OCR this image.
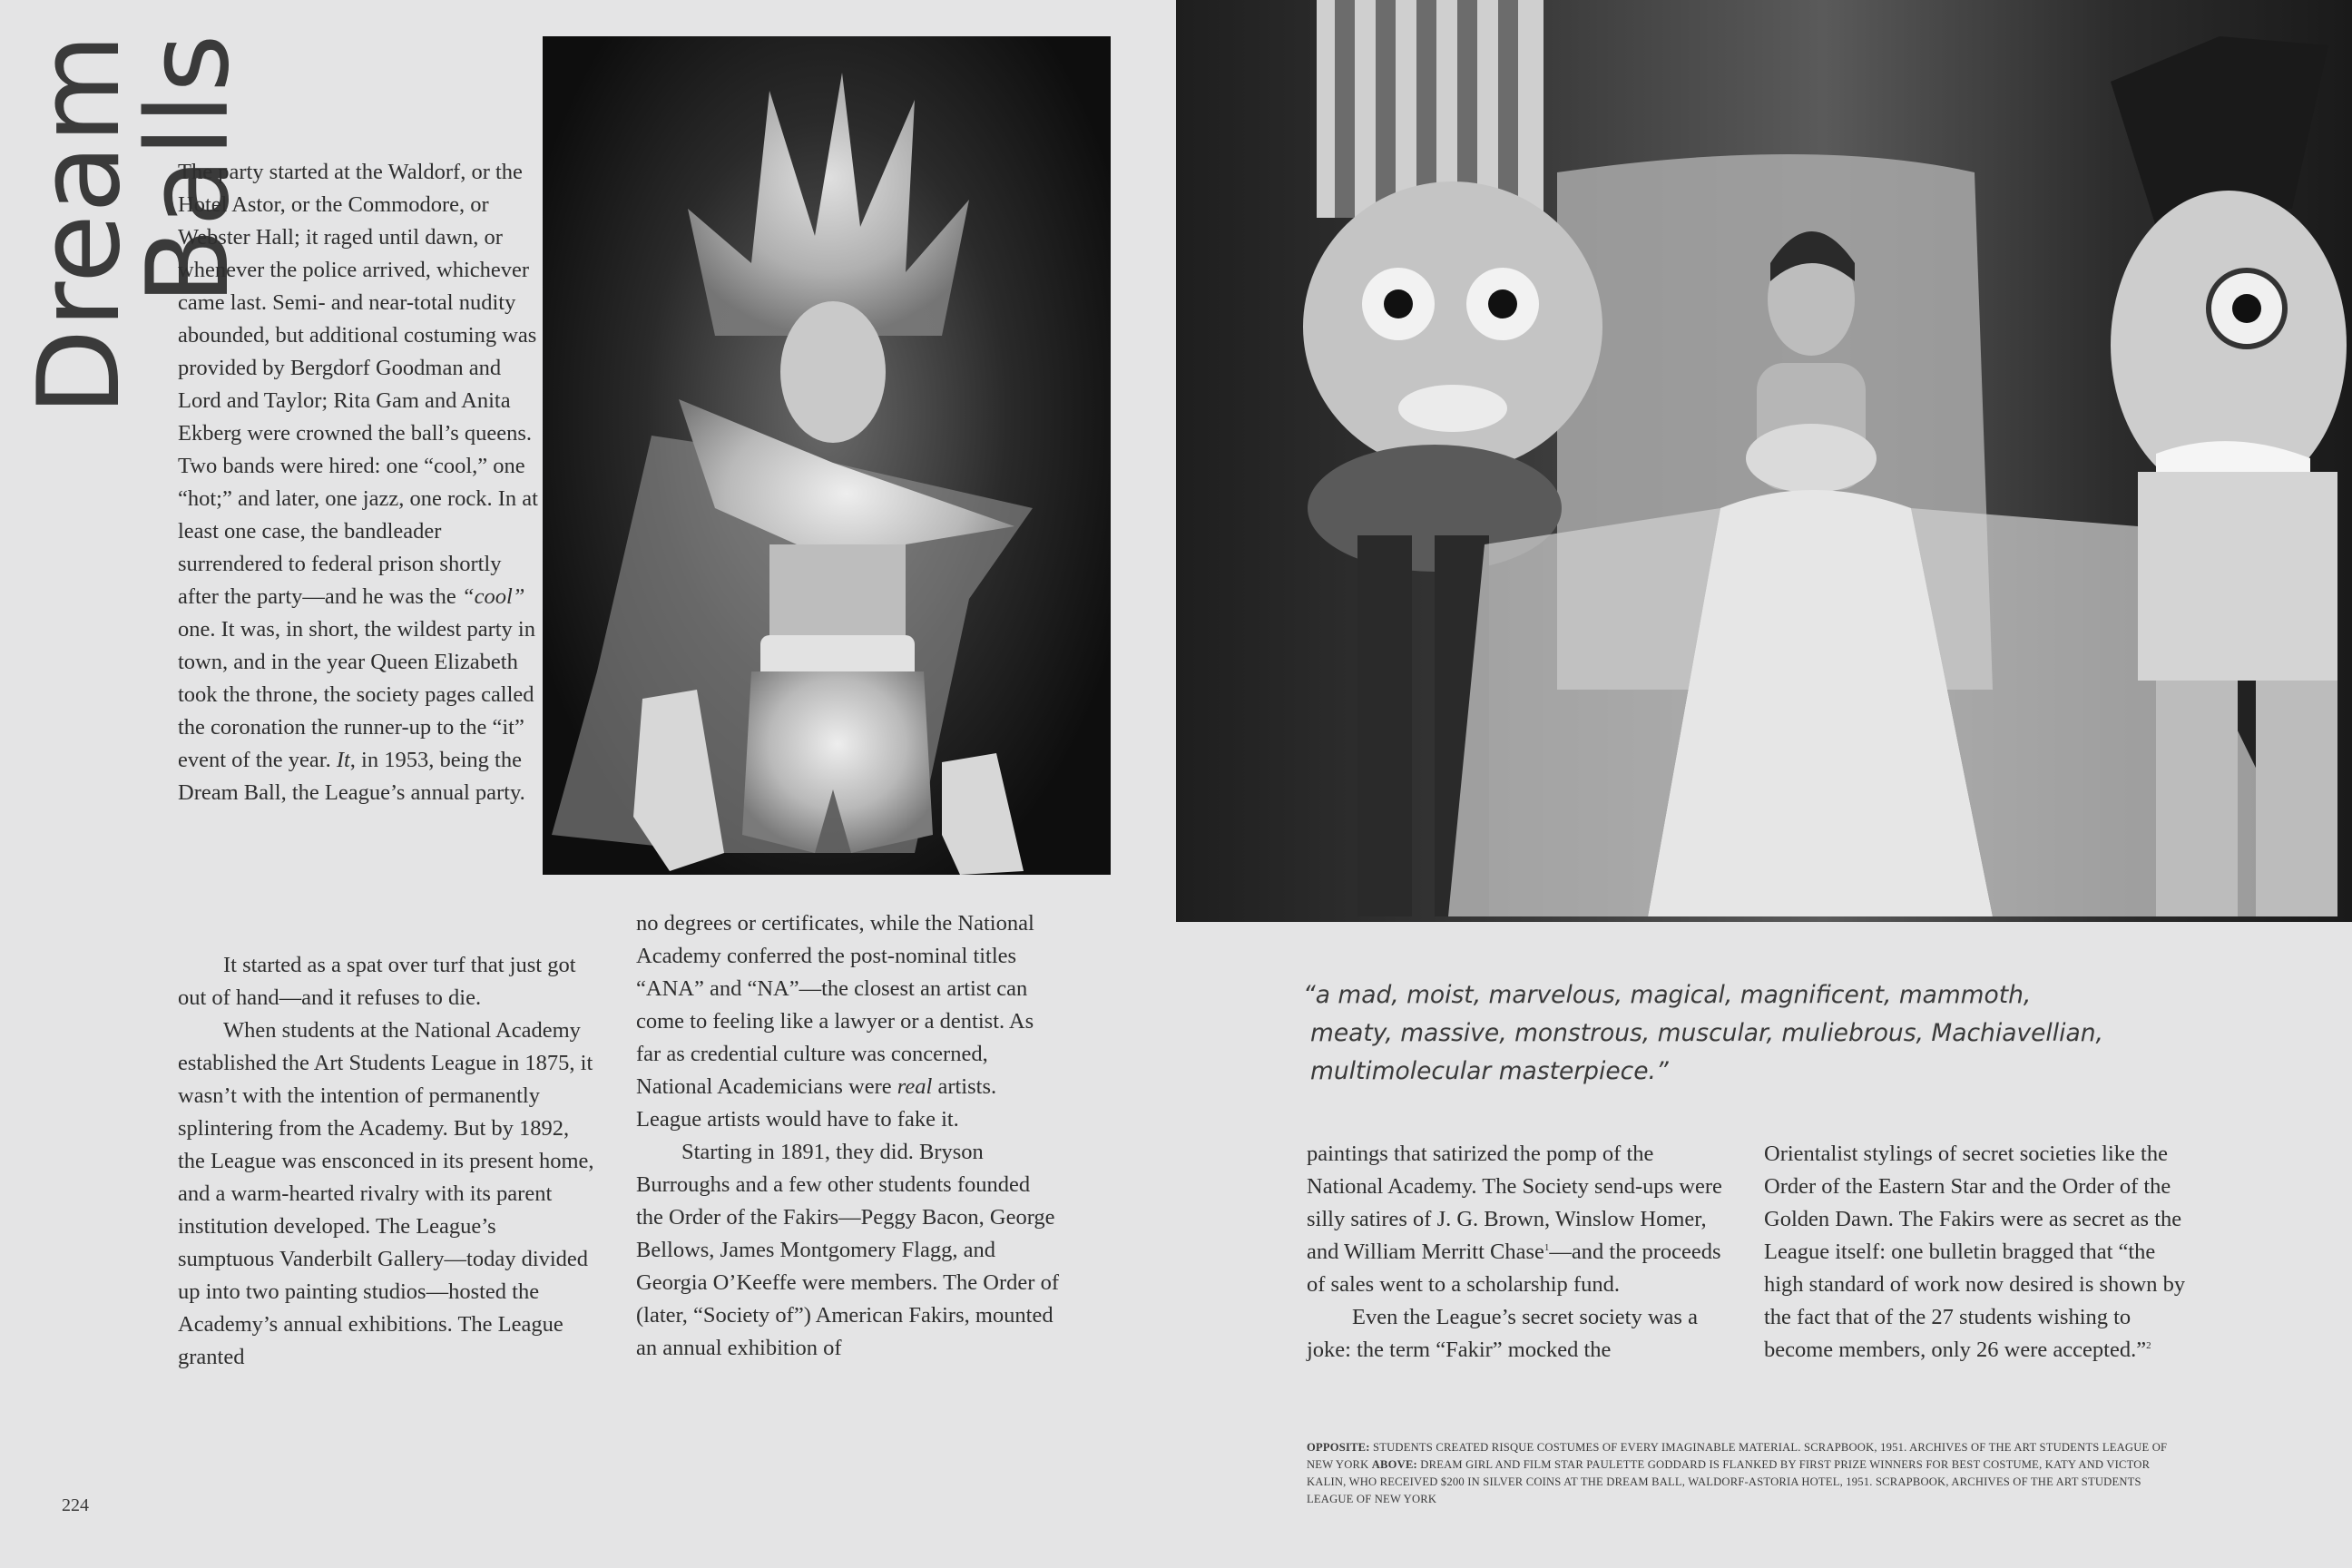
Dream Balls

The party started at the Waldorf, or the Hotel Astor, or the Commodore, or Webster Hall; it raged until dawn, or whenever the police arrived, whichever came last. Semi- and near-total nudity abounded, but additional costuming was provided by Bergdorf Goodman and Lord and Taylor; Rita Gam and Anita Ekberg were crowned the ball’s queens. Two bands were hired: one “cool,” one “hot;” and later, one jazz, one rock. In at least one case, the bandleader surrendered to federal prison shortly after the party—and he was the “cool” one. It was, in short, the wildest party in town, and in the year Queen Elizabeth took the throne, the society pages called the coronation the runner-up to the “it” event of the year. It, in 1953, being the Dream Ball, the League’s annual party.

It started as a spat over turf that just got out of hand—and it refuses to die.

When students at the National Academy established the Art Students League in 1875, it wasn’t with the intention of permanently splintering from the Academy. But by 1892, the League was ensconced in its present home, and a warm-hearted rivalry with its parent institution developed. The League’s sumptuous Vanderbilt Gallery—today divided up into two painting studios—hosted the Academy’s annual exhibitions. The League granted

no degrees or certificates, while the National Academy conferred the post-nominal titles “ANA” and “NA”—the closest an artist can come to feeling like a lawyer or a dentist. As far as credential culture was concerned, National Academicians were real artists. League artists would have to fake it.

Starting in 1891, they did. Bryson Burroughs and a few other students founded the Order of the Fakirs—Peggy Bacon, George Bellows, James Montgomery Flagg, and Georgia O’Keeffe were members. The Order of (later, “Society of”) American Fakirs, mounted an annual exhibition of

224
“a mad, moist, marvelous, magical, magnificent, mammoth,
meaty, massive, monstrous, muscular, muliebrous, Machiavellian,
multimolecular masterpiece.”

paintings that satirized the pomp of the National Academy. The Society send-ups were silly satires of J. G. Brown, Winslow Homer, and William Merritt Chase$^1$—and the proceeds of sales went to a scholarship fund.

Even the League’s secret society was a joke: the term “Fakir” mocked the

Orientalist stylings of secret societies like the Order of the Eastern Star and the Order of the Golden Dawn. The Fakirs were as secret as the League itself: one bulletin bragged that “the high standard of work now desired is shown by the fact that of the 27 students wishing to become members, only 26 were accepted.”$^2$

OPPOSITE: STUDENTS CREATED RISQUE COSTUMES OF EVERY IMAGINABLE MATERIAL. SCRAPBOOK, 1951. ARCHIVES OF THE ART STUDENTS LEAGUE OF NEW YORK ABOVE: DREAM GIRL AND FILM STAR PAULETTE GODDARD IS FLANKED BY FIRST PRIZE WINNERS FOR BEST COSTUME, KATY AND VICTOR KALIN, WHO RECEIVED $200 IN SILVER COINS AT THE DREAM BALL, WALDORF-ASTORIA HOTEL, 1951. SCRAPBOOK, ARCHIVES OF THE ART STUDENTS LEAGUE OF NEW YORK
